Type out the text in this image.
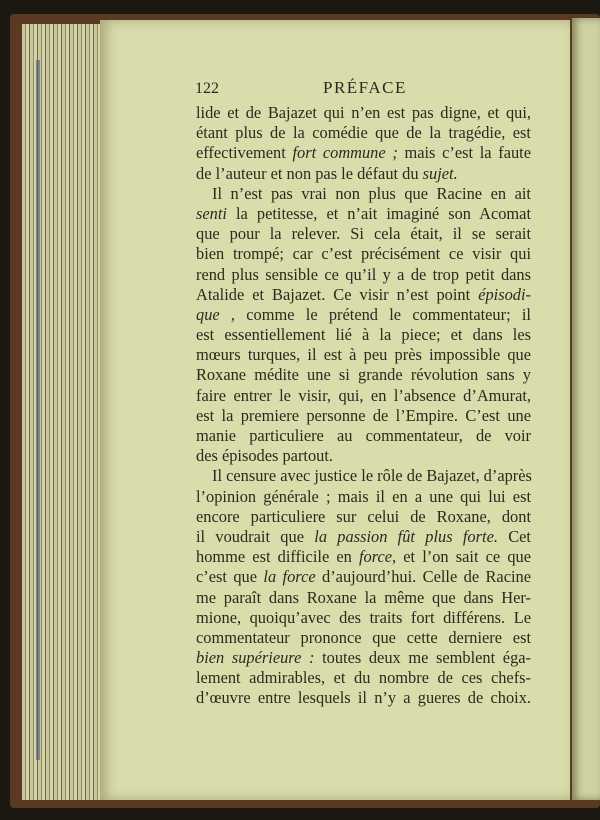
122	PRÉFACE
lide et de Bajazet qui n’en est pas digne, et qui,
étant plus de la comédie que de la tragédie, est
effectivement fort commune ; mais c’est la faute
de l’auteur et non pas le défaut du sujet.
Il n’est pas vrai non plus que Racine en ait
senti la petitesse, et n’ait imaginé son Acomat
que pour la relever. Si cela était, il se serait
bien trompé; car c’est précisément ce visir qui
rend plus sensible ce qu’il y a de trop petit dans
Atalide et Bajazet. Ce visir n’est point épisodi-
que , comme le prétend le commentateur; il
est essentiellement lié à la piece; et dans les
mœurs turques, il est à peu près impossible que
Roxane médite une si grande révolution sans y
faire entrer le visir, qui, en l’absence d’Amurat,
est la premiere personne de l’Empire. C’est une
manie particuliere au commentateur, de voir
des épisodes partout.
Il censure avec justice le rôle de Bajazet, d’après
l’opinion générale ; mais il en a une qui lui est
encore particuliere sur celui de Roxane, dont
il voudrait que la passion fût plus forte. Cet
homme est difficile en force, et l’on sait ce que
c’est que la force d’aujourd’hui. Celle de Racine
me paraît dans Roxane la même que dans Her-
mione, quoiqu’avec des traits fort différens. Le
commentateur prononce que cette derniere est
bien supérieure : toutes deux me semblent éga-
lement admirables, et du nombre de ces chefs-
d’œuvre entre lesquels il n’y a gueres de choix.
